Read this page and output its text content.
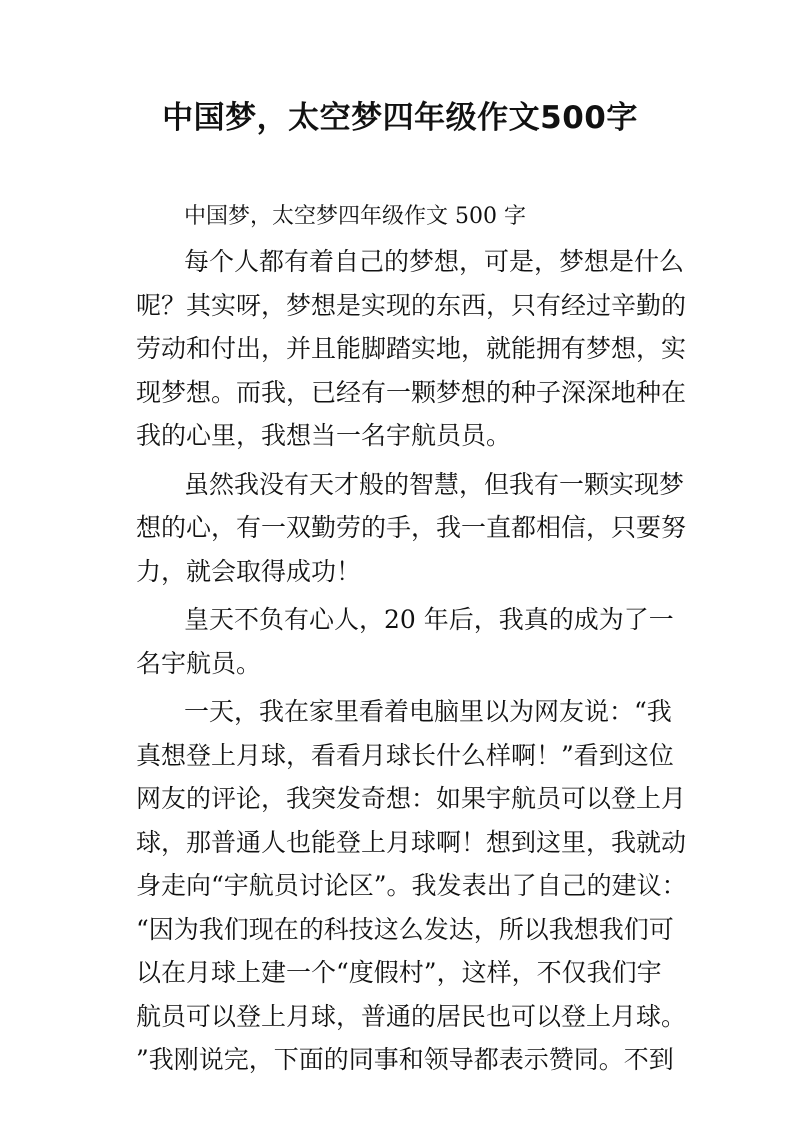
中国梦，太空梦四年级作文500字
中国梦，太空梦四年级作文 500 字
每个人都有着自己的梦想，可是，梦想是什么
呢？其实呀，梦想是实现的东西，只有经过辛勤的
劳动和付出，并且能脚踏实地，就能拥有梦想，实
现梦想。而我，已经有一颗梦想的种子深深地种在
我的心里，我想当一名宇航员员。
虽然我没有天才般的智慧，但我有一颗实现梦
想的心，有一双勤劳的手，我一直都相信，只要努
力，就会取得成功！
皇天不负有心人，20 年后，我真的成为了一
名宇航员。
一天，我在家里看着电脑里以为网友说：“我
真想登上月球，看看月球长什么样啊！”看到这位
网友的评论，我突发奇想：如果宇航员可以登上月
球，那普通人也能登上月球啊！想到这里，我就动
身走向“宇航员讨论区”。我发表出了自己的建议：
“因为我们现在的科技这么发达，所以我想我们可
以在月球上建一个“度假村”，这样，不仅我们宇
航员可以登上月球，普通的居民也可以登上月球。
”我刚说完，下面的同事和领导都表示赞同。不到
